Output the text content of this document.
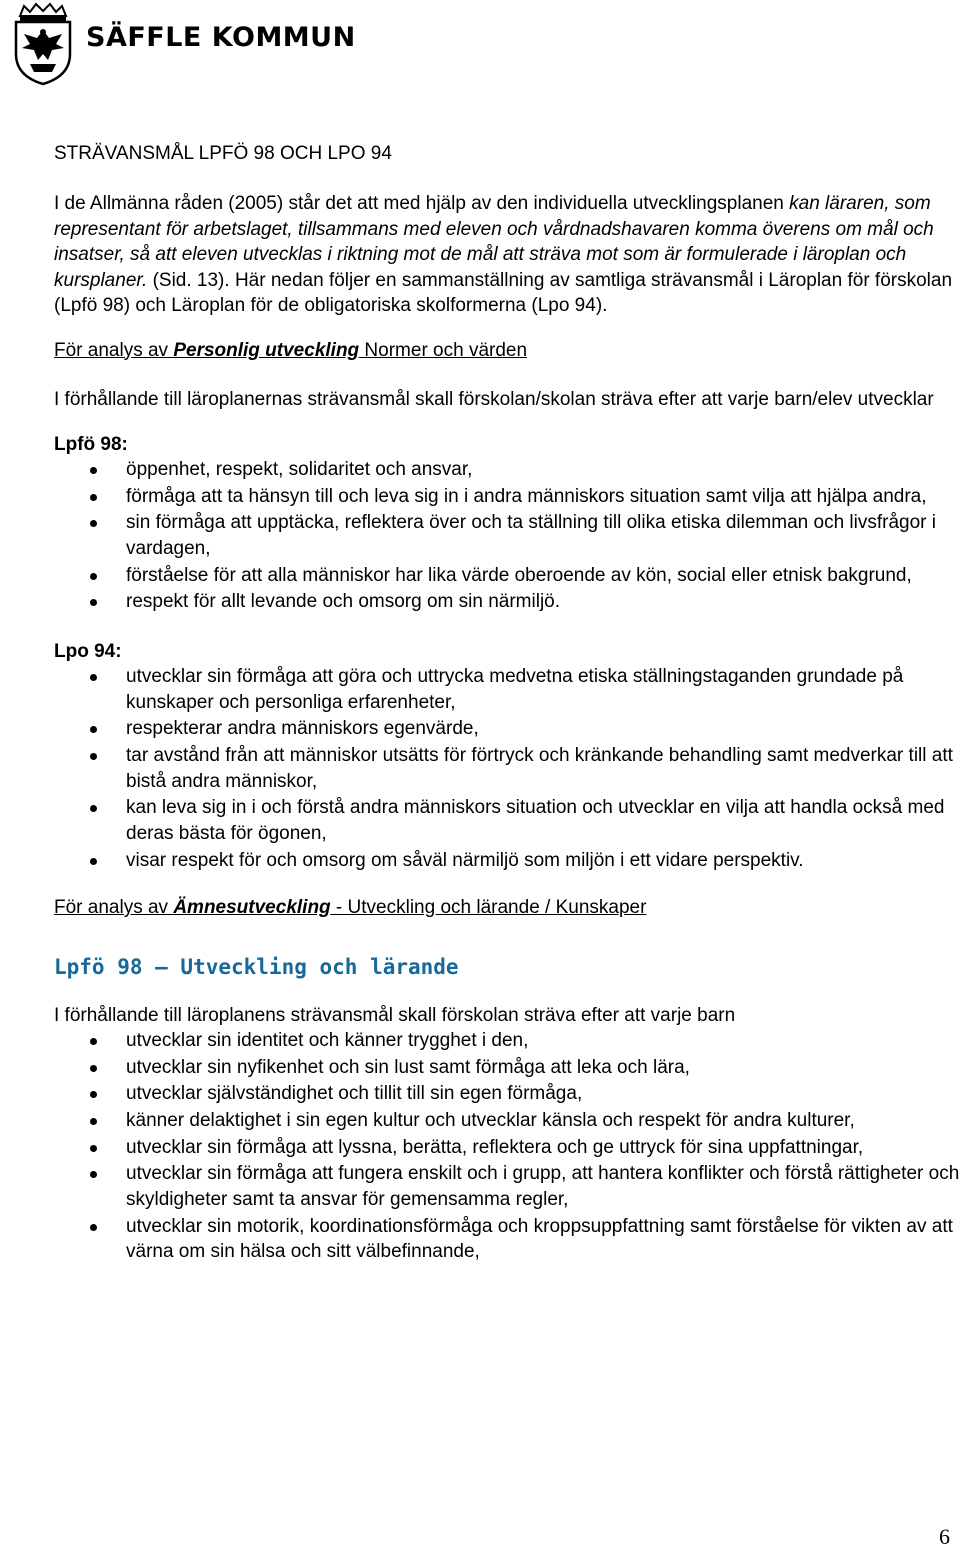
SÄFFLE KOMMUN

STRÄVANSMÅL LPFÖ 98 OCH LPO 94

I de Allmänna råden (2005) står det att med hjälp av den individuella utvecklingsplanen kan läraren, som representant för arbetslaget, tillsammans med eleven och vårdnadshavaren komma överens om mål och insatser, så att eleven utvecklas i riktning mot de mål att sträva mot som är formulerade i läroplan och kursplaner. (Sid. 13). Här nedan följer en sammanställning av samtliga strävansmål i Läroplan för förskolan (Lpfö 98) och Läroplan för de obligatoriska skolformerna (Lpo 94).

För analys av Personlig utveckling Normer och värden

I förhållande till läroplanernas strävansmål skall förskolan/skolan sträva efter att varje barn/elev utvecklar

Lpfö 98:

öppenhet, respekt, solidaritet och ansvar,
förmåga att ta hänsyn till och leva sig in i andra människors situation samt vilja att hjälpa andra,
sin förmåga att upptäcka, reflektera över och ta ställning till olika etiska dilemman och livsfrågor i vardagen,
förståelse för att alla människor har lika värde oberoende av kön, social eller etnisk bakgrund,
respekt för allt levande och omsorg om sin närmiljö.

Lpo 94:

utvecklar sin förmåga att göra och uttrycka medvetna etiska ställningstaganden grundade på kunskaper och personliga erfarenheter,
respekterar andra människors egenvärde,
tar avstånd från att människor utsätts för förtryck och kränkande behandling samt medverkar till att bistå andra människor,
kan leva sig in i och förstå andra människors situation och utvecklar en vilja att handla också med deras bästa för ögonen,
visar respekt för och omsorg om såväl närmiljö som miljön i ett vidare perspektiv.

För analys av Ämnesutveckling - Utveckling och lärande / Kunskaper

Lpfö 98 – Utveckling och lärande

I förhållande till läroplanens strävansmål skall förskolan sträva efter att varje barn

utvecklar sin identitet och känner trygghet i den,
utvecklar sin nyfikenhet och sin lust samt förmåga att leka och lära,
utvecklar självständighet och tillit till sin egen förmåga,
känner delaktighet i sin egen kultur och utvecklar känsla och respekt för andra kulturer,
utvecklar sin förmåga att lyssna, berätta, reflektera och ge uttryck för sina uppfattningar,
utvecklar sin förmåga att fungera enskilt och i grupp, att hantera konflikter och förstå rättigheter och skyldigheter samt ta ansvar för gemensamma regler,
utvecklar sin motorik, koordinationsförmåga och kroppsuppfattning samt förståelse för vikten av att värna om sin hälsa och sitt välbefinnande,
6
